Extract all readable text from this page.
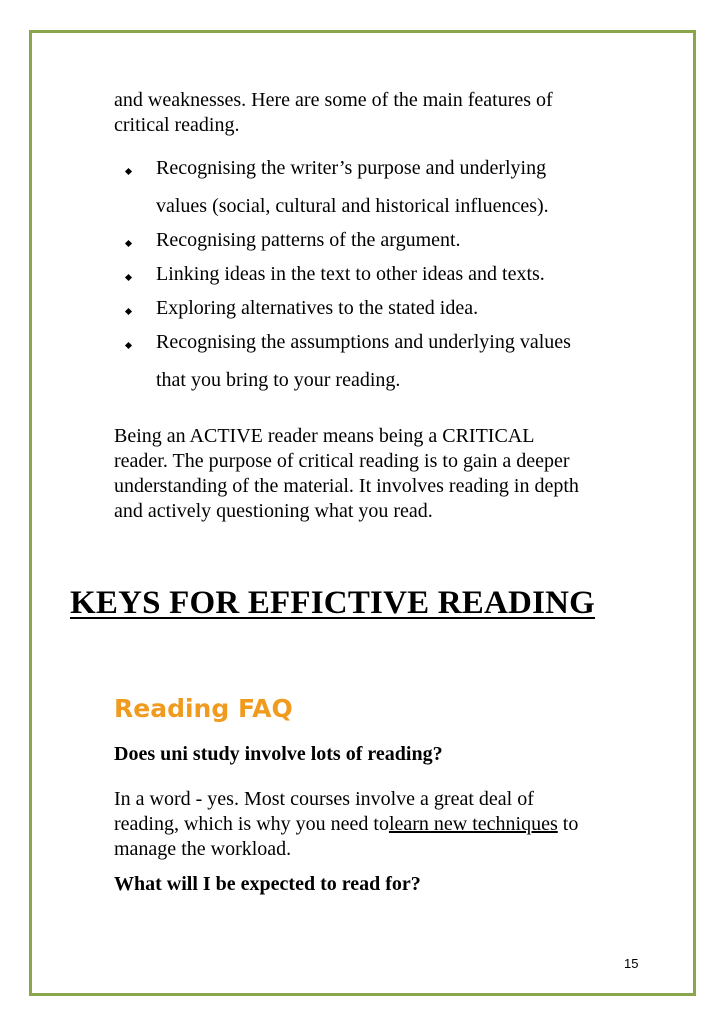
and weaknesses. Here are some of the main features of
critical reading.
Recognising the writer’s purpose and underlying
values (social, cultural and historical influences).
Recognising patterns of the argument.
Linking ideas in the text to other ideas and texts.
Exploring alternatives to the stated idea.
Recognising the assumptions and underlying values
that you bring to your reading.
Being an ACTIVE reader means being a CRITICAL
reader. The purpose of critical reading is to gain a deeper
understanding of the material. It involves reading in depth
and actively questioning what you read.
KEYS FOR EFFICTIVE READING
Reading FAQ
Does uni study involve lots of reading?
In a word - yes. Most courses involve a great deal of
reading, which is why you need tolearn new techniques to
manage the workload.
What will I be expected to read for?
15
